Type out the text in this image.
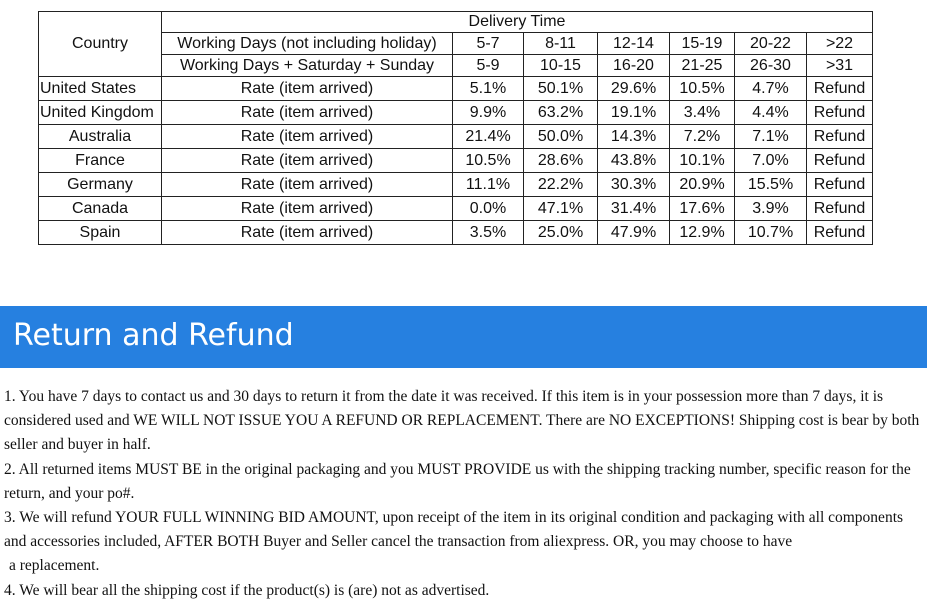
Country	Delivery Time						
	Working Days (not including holiday)	5-7	8-11	12-14	15-19	20-22	>22
	Working Days + Saturday + Sunday	5-9	10-15	16-20	21-25	26-30	>31
United States	Rate (item arrived)	5.1%	50.1%	29.6%	10.5%	4.7%	Refund
United Kingdom	Rate (item arrived)	9.9%	63.2%	19.1%	3.4%	4.4%	Refund
Australia	Rate (item arrived)	21.4%	50.0%	14.3%	7.2%	7.1%	Refund
France	Rate (item arrived)	10.5%	28.6%	43.8%	10.1%	7.0%	Refund
Germany	Rate (item arrived)	11.1%	22.2%	30.3%	20.9%	15.5%	Refund
Canada	Rate (item arrived)	0.0%	47.1%	31.4%	17.6%	3.9%	Refund
Spain	Rate (item arrived)	3.5%	25.0%	47.9%	12.9%	10.7%	Refund
Return and Refund

1. You have 7 days to contact us and 30 days to return it from the date it was received. If this item is in your possession more than 7 days, it is considered used and WE WILL NOT ISSUE YOU A REFUND OR REPLACEMENT. There are NO EXCEPTIONS! Shipping cost is bear by both seller and buyer in half.

2. All returned items MUST BE in the original packaging and you MUST PROVIDE us with the shipping tracking number, specific reason for the return, and your po#.

3. We will refund YOUR FULL WINNING BID AMOUNT, upon receipt of the item in its original condition and packaging with all components and accessories included, AFTER BOTH Buyer and Seller cancel the transaction from aliexpress. OR, you may choose to have
a replacement.

4. We will bear all the shipping cost if the product(s) is (are) not as advertised.
